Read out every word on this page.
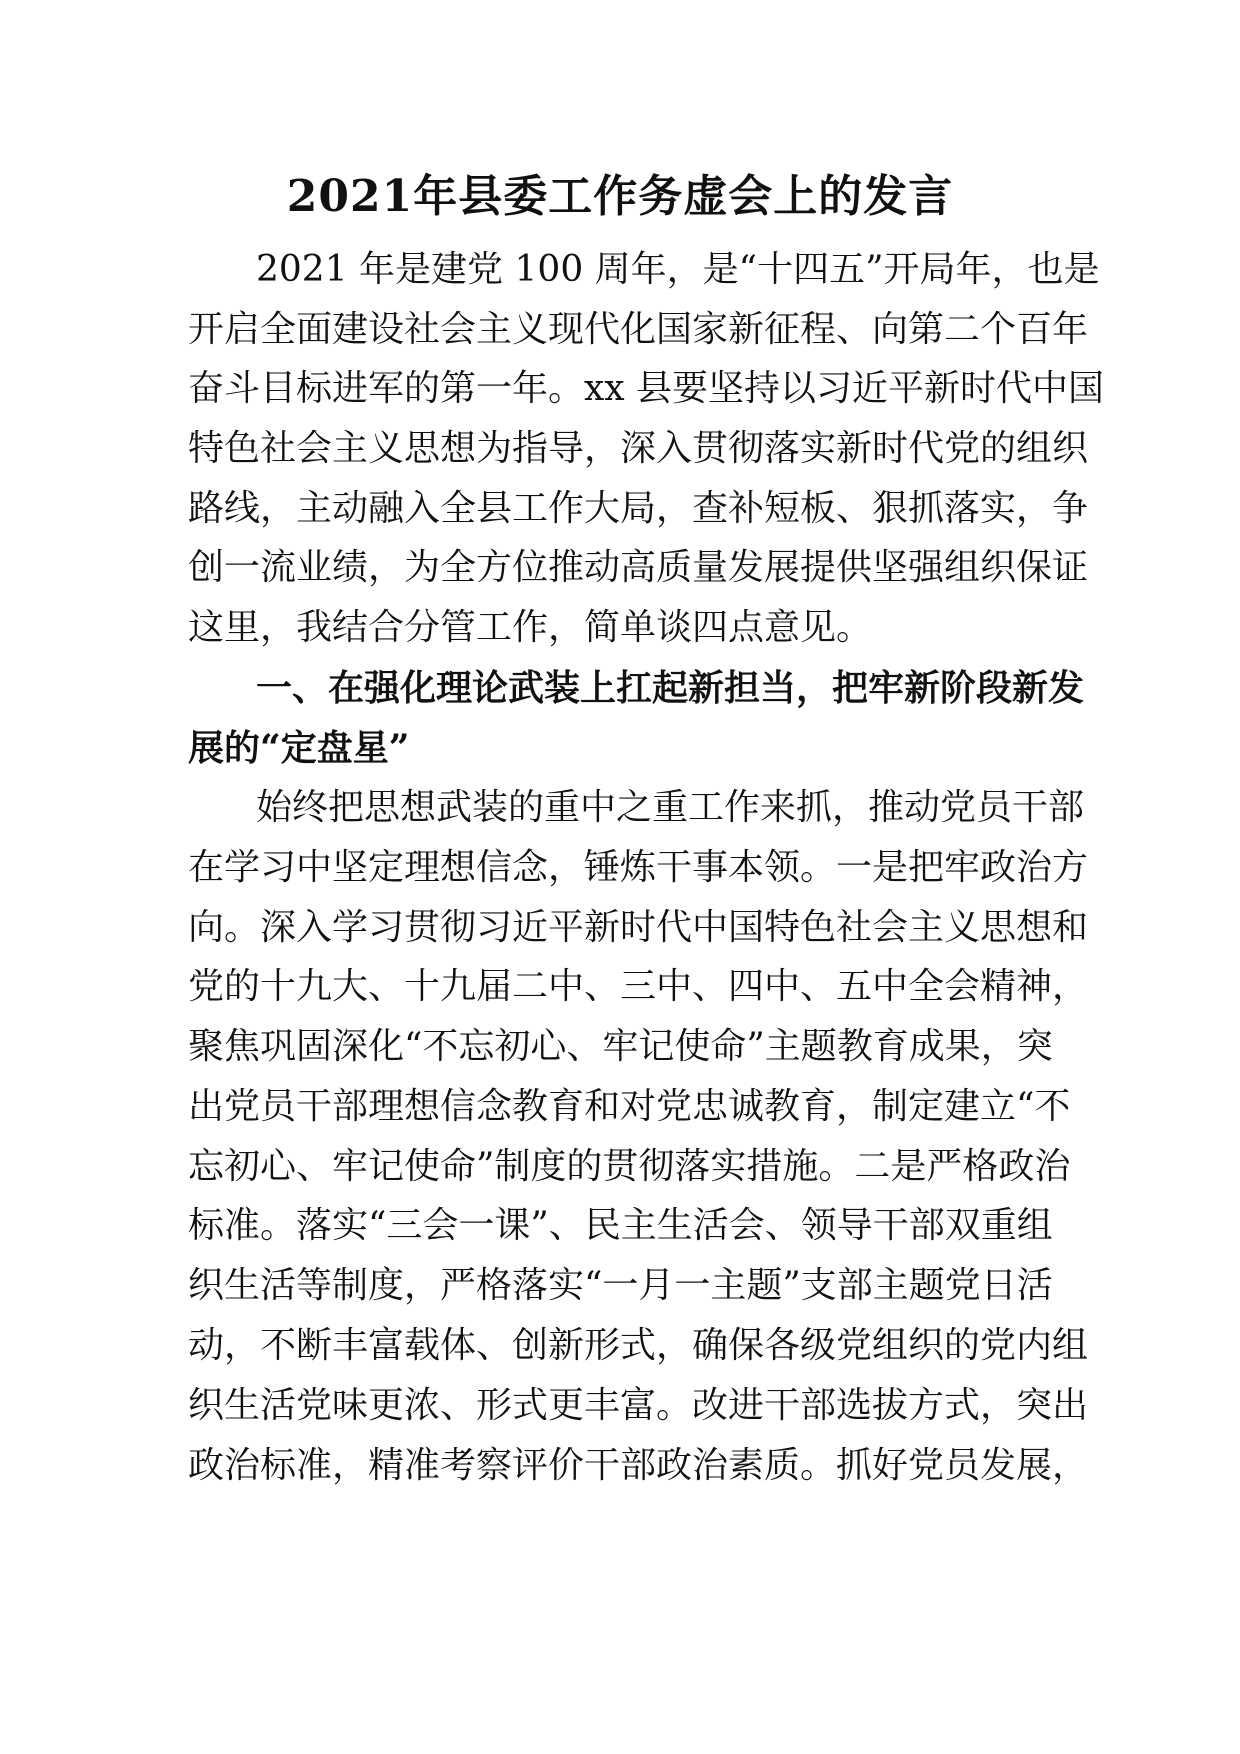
2021年县委工作务虚会上的发言
2021 年是建党 100 周年，是“十四五”开局年，也是
开启全面建设社会主义现代化国家新征程、向第二个百年
奋斗目标进军的第一年。xx 县要坚持以习近平新时代中国
特色社会主义思想为指导，深入贯彻落实新时代党的组织
路线，主动融入全县工作大局，查补短板、狠抓落实，争
创一流业绩，为全方位推动高质量发展提供坚强组织保证
这里，我结合分管工作，简单谈四点意见。
一、在强化理论武装上扛起新担当，把牢新阶段新发
展的“定盘星”
始终把思想武装的重中之重工作来抓，推动党员干部
在学习中坚定理想信念，锤炼干事本领。一是把牢政治方
向。深入学习贯彻习近平新时代中国特色社会主义思想和
党的十九大、十九届二中、三中、四中、五中全会精神，
聚焦巩固深化“不忘初心、牢记使命”主题教育成果，突
出党员干部理想信念教育和对党忠诚教育，制定建立“不
忘初心、牢记使命”制度的贯彻落实措施。二是严格政治
标准。落实“三会一课”、民主生活会、领导干部双重组
织生活等制度，严格落实“一月一主题”支部主题党日活
动，不断丰富载体、创新形式，确保各级党组织的党内组
织生活党味更浓、形式更丰富。改进干部选拔方式，突出
政治标准，精准考察评价干部政治素质。抓好党员发展，
